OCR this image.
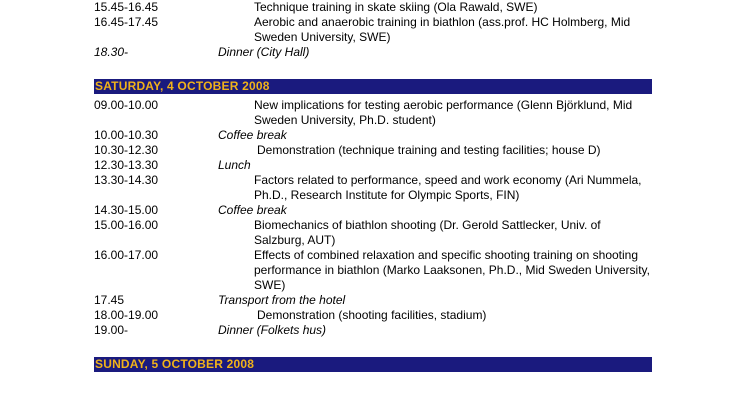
15.45-16.45	Technique training in skate skiing (Ola Rawald, SWE)
16.45-17.45	Aerobic and anaerobic training in biathlon (ass.prof. HC Holmberg, Mid Sweden University, SWE)
18.30-	Dinner (City Hall)
SATURDAY, 4 OCTOBER 2008
09.00-10.00	New implications for testing aerobic performance (Glenn Björklund, Mid Sweden University, Ph.D. student)
10.00-10.30	Coffee break
10.30-12.30	Demonstration (technique training and testing facilities; house D)
12.30-13.30	Lunch
13.30-14.30	Factors related to performance, speed and work economy (Ari Nummela, Ph.D., Research Institute for Olympic Sports, FIN)
14.30-15.00	Coffee break
15.00-16.00	Biomechanics of biathlon shooting (Dr. Gerold Sattlecker, Univ. of Salzburg, AUT)
16.00-17.00	Effects of combined relaxation and specific shooting training on shooting performance in biathlon (Marko Laaksonen, Ph.D., Mid Sweden University, SWE)
17.45	Transport from the hotel
18.00-19.00	Demonstration (shooting facilities, stadium)
19.00-	Dinner (Folkets hus)
SUNDAY, 5 OCTOBER 2008
